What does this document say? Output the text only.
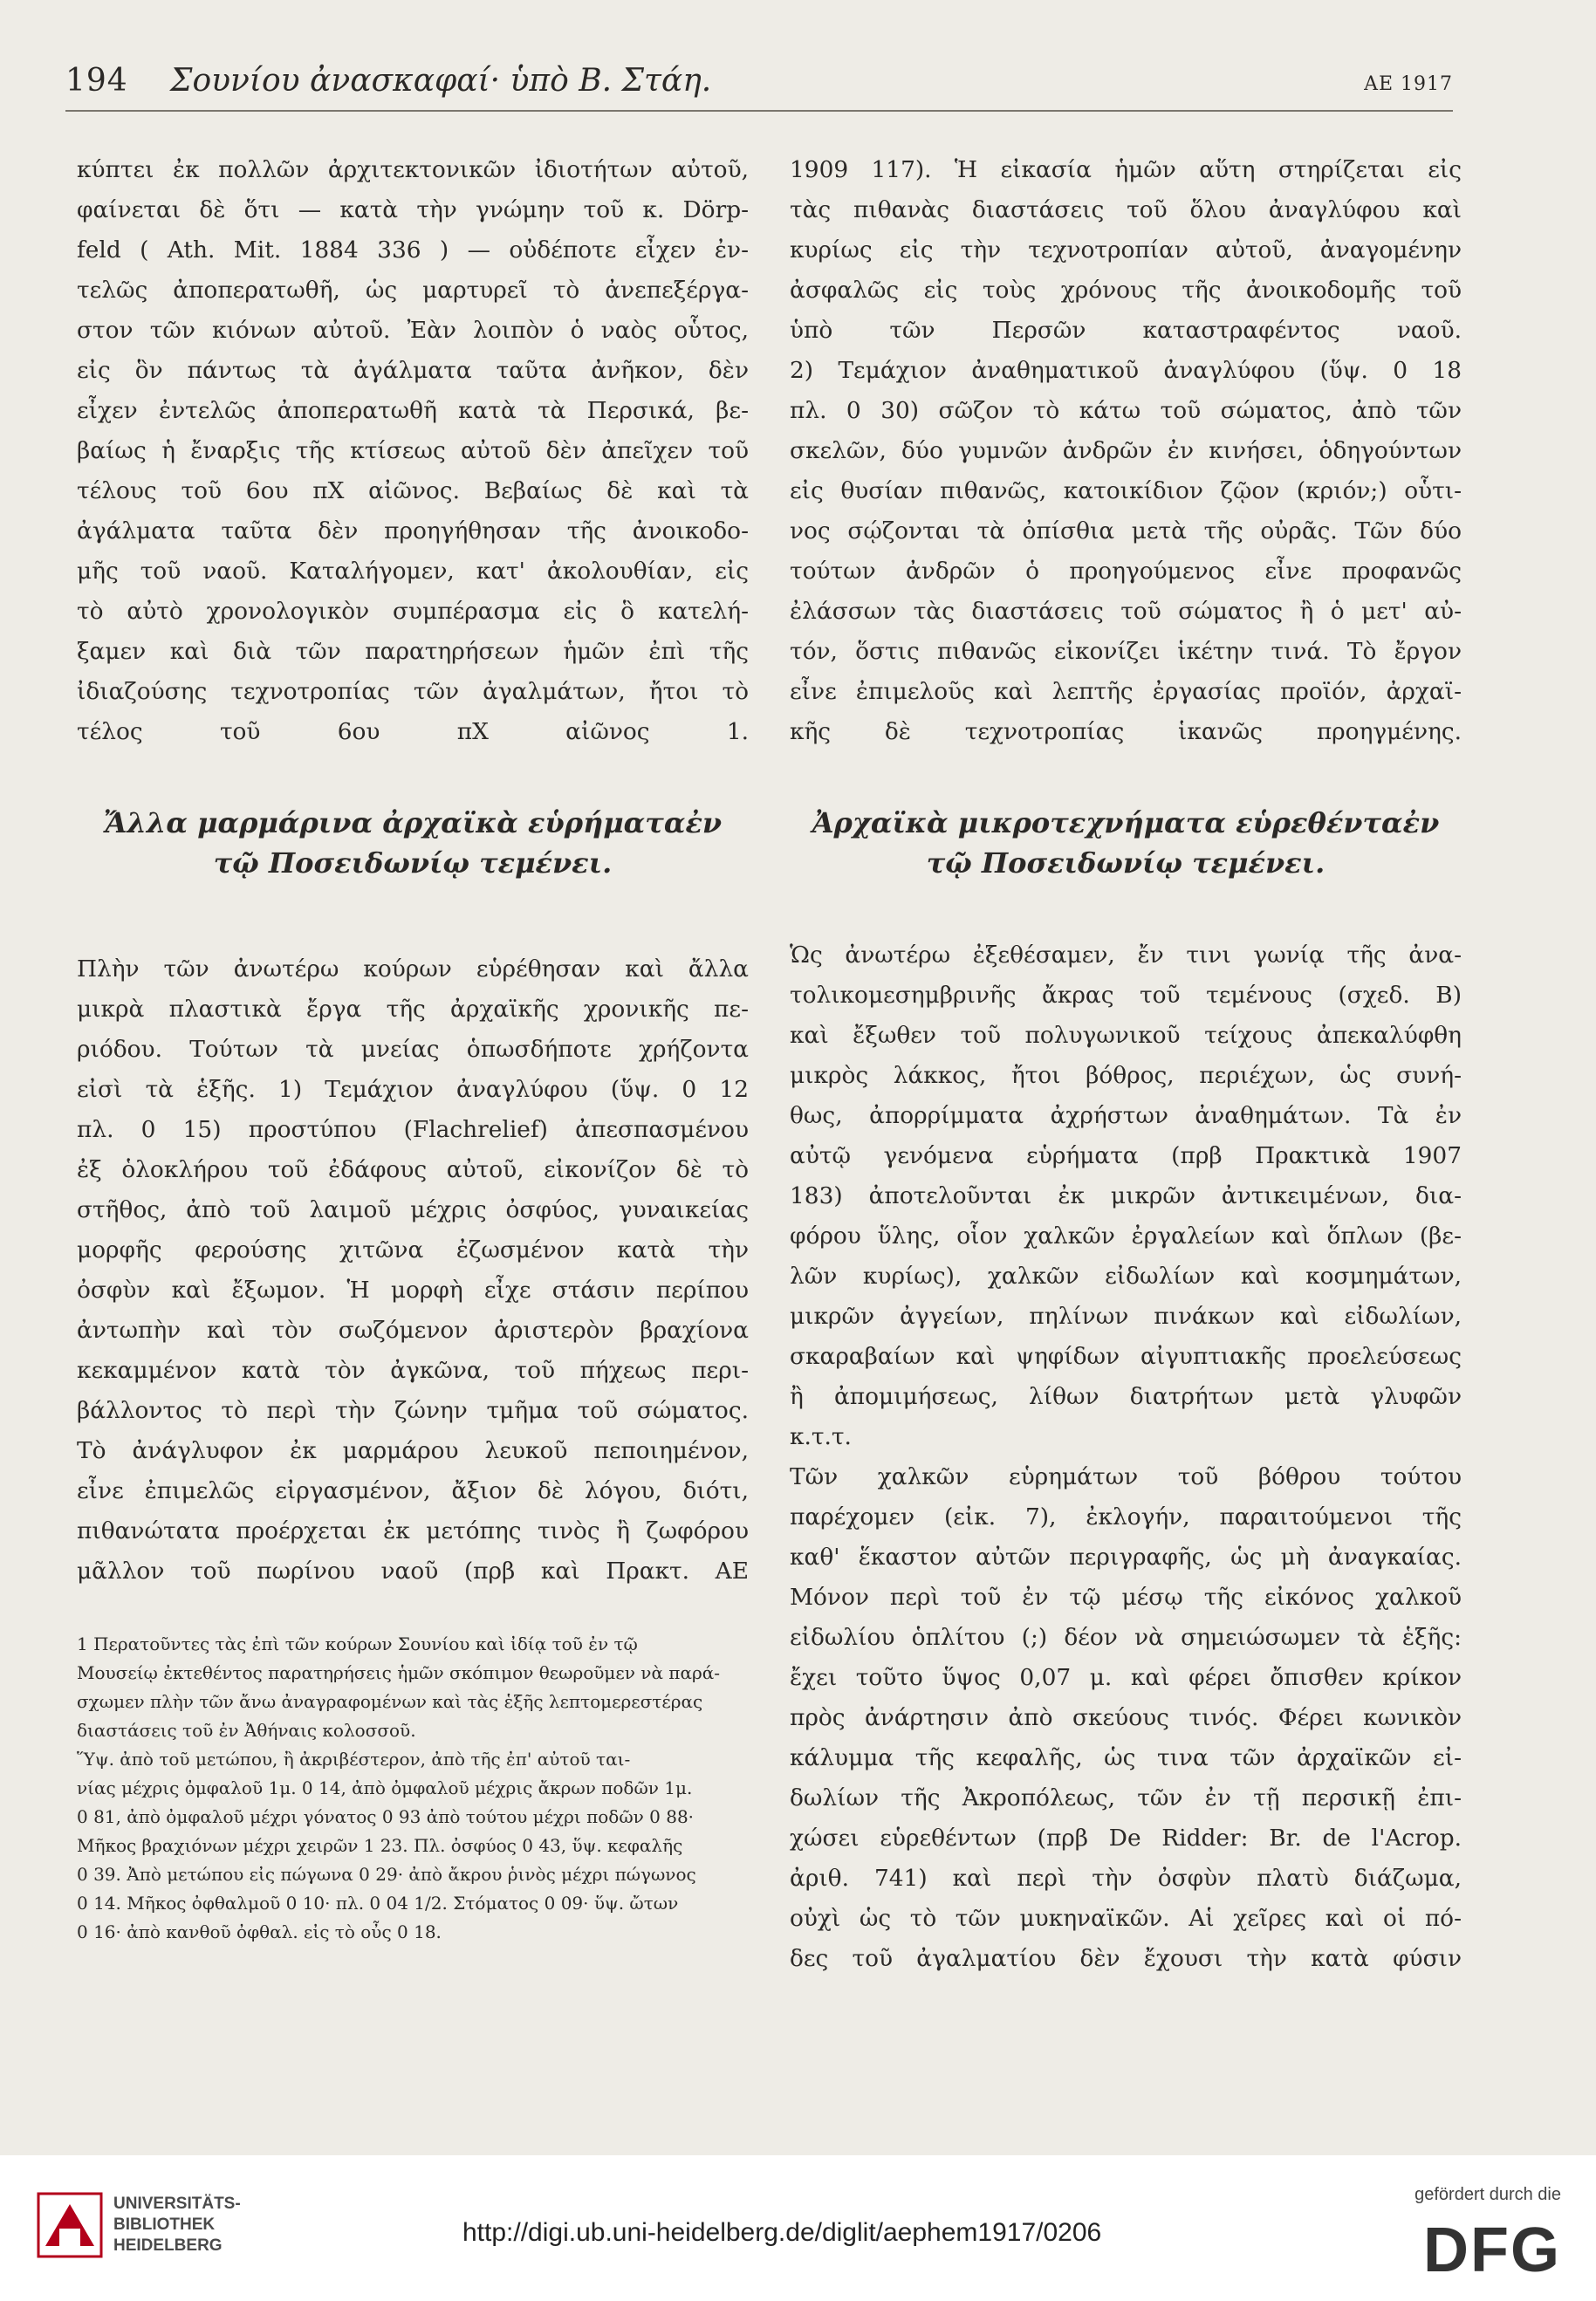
194 Σουνίου ἀνασκαφαί· ὑπὸ Β. Στάη.	ΑΕ 1917

κύπτει ἐκ πολλῶν ἀρχιτεκτονικῶν ἰδιοτήτων αὐτοῦ,
φαίνεται δὲ ὅτι — κατὰ τὴν γνώμην τοῦ κ. Dörp-
feld ( Ath. Mit. 1884 336 ) — οὐδέποτε εἶχεν ἐν-
τελῶς ἀποπερατωθῆ, ὡς μαρτυρεῖ τὸ ἀνεπεξέργα-
στον τῶν κιόνων αὐτοῦ. Ἐὰν λοιπὸν ὁ ναὸς οὗτος,
εἰς ὃν πάντως τὰ ἀγάλματα ταῦτα ἀνῆκον, δὲν
εἶχεν ἐντελῶς ἀποπερατωθῆ κατὰ τὰ Περσικά, βε-
βαίως ἡ ἔναρξις τῆς κτίσεως αὐτοῦ δὲν ἀπεῖχεν τοῦ
τέλους τοῦ 6ου πΧ αἰῶνος. Βεβαίως δὲ καὶ τὰ
ἀγάλματα ταῦτα δὲν προηγήθησαν τῆς ἀνοικοδο-
μῆς τοῦ ναοῦ. Καταλήγομεν, κατ' ἀκολουθίαν, εἰς
τὸ αὐτὸ χρονολογικὸν συμπέρασμα εἰς ὃ κατελή-
ξαμεν καὶ διὰ τῶν παρατηρήσεων ἡμῶν ἐπὶ τῆς
ἰδιαζούσης τεχνοτροπίας τῶν ἀγαλμάτων, ἤτοι τὸ
τέλος τοῦ 6ου πΧ αἰῶνος 1.

Ἄλλα μαρμάρινα ἀρχαϊκὰ εὑρήματαἐν τῷ Ποσειδωνίῳ τεμένει.

Πλὴν τῶν ἀνωτέρω κούρων εὑρέθησαν καὶ ἄλλα
μικρὰ πλαστικὰ ἔργα τῆς ἀρχαϊκῆς χρονικῆς πε-
ριόδου. Τούτων τὰ μνείας ὁπωσδήποτε χρήζοντα
εἰσὶ τὰ ἑξῆς. 1) Τεμάχιον ἀναγλύφου (ὕψ. 0 12
πλ. 0 15) προστύπου (Flachrelief) ἀπεσπασμένου
ἐξ ὁλοκλήρου τοῦ ἐδάφους αὐτοῦ, εἰκονίζον δὲ τὸ
στῆθος, ἀπὸ τοῦ λαιμοῦ μέχρις ὀσφύος, γυναικείας
μορφῆς φερούσης χιτῶνα ἐζωσμένον κατὰ τὴν
ὀσφὺν καὶ ἔξωμον. Ἡ μορφὴ εἶχε στάσιν περίπου
ἀντωπὴν καὶ τὸν σωζόμενον ἀριστερὸν βραχίονα
κεκαμμένον κατὰ τὸν ἀγκῶνα, τοῦ πήχεως περι-
βάλλοντος τὸ περὶ τὴν ζώνην τμῆμα τοῦ σώματος.
Τὸ ἀνάγλυφον ἐκ μαρμάρου λευκοῦ πεποιημένον,
εἶνε ἐπιμελῶς εἰργασμένον, ἄξιον δὲ λόγου, διότι,
πιθανώτατα προέρχεται ἐκ μετόπης τινὸς ἢ ζωφόρου
μᾶλλον τοῦ πωρίνου ναοῦ (πρβ καὶ Πρακτ. ΑΕ

1 Περατοῦντες τὰς ἐπὶ τῶν κούρων Σουνίου καὶ ἰδίᾳ τοῦ ἐν τῷ
Μουσείῳ ἐκτεθέντος παρατηρήσεις ἡμῶν σκόπιμον θεωροῦμεν νὰ παρά-
σχωμεν πλὴν τῶν ἄνω ἀναγραφομένων καὶ τὰς ἑξῆς λεπτομερεστέρας
διαστάσεις τοῦ ἐν Ἀθήναις κολοσσοῦ.
Ὕψ. ἀπὸ τοῦ μετώπου, ἢ ἀκριβέστερον, ἀπὸ τῆς ἐπ' αὐτοῦ ται-
νίας μέχρις ὀμφαλοῦ 1μ. 0 14, ἀπὸ ὀμφαλοῦ μέχρις ἄκρων ποδῶν 1μ.
0 81, ἀπὸ ὀμφαλοῦ μέχρι γόνατος 0 93 ἀπὸ τούτου μέχρι ποδῶν 0 88·
Μῆκος βραχιόνων μέχρι χειρῶν 1 23. Πλ. ὀσφύος 0 43, ὕψ. κεφαλῆς
0 39. Ἀπὸ μετώπου εἰς πώγωνα 0 29· ἀπὸ ἄκρου ῥινὸς μέχρι πώγωνος
0 14. Μῆκος ὀφθαλμοῦ 0 10· πλ. 0 04 1/2. Στόματος 0 09· ὕψ. ὤτων
0 16· ἀπὸ κανθοῦ ὀφθαλ. εἰς τὸ οὖς 0 18.

1909 117). Ἡ εἰκασία ἡμῶν αὕτη στηρίζεται εἰς
τὰς πιθανὰς διαστάσεις τοῦ ὅλου ἀναγλύφου καὶ
κυρίως εἰς τὴν τεχνοτροπίαν αὐτοῦ, ἀναγομένην
ἀσφαλῶς εἰς τοὺς χρόνους τῆς ἀνοικοδομῆς τοῦ
ὑπὸ τῶν Περσῶν καταστραφέντος ναοῦ.

2) Τεμάχιον ἀναθηματικοῦ ἀναγλύφου (ὕψ. 0 18
πλ. 0 30) σῶζον τὸ κάτω τοῦ σώματος, ἀπὸ τῶν
σκελῶν, δύο γυμνῶν ἀνδρῶν ἐν κινήσει, ὁδηγούντων
εἰς θυσίαν πιθανῶς, κατοικίδιον ζῷον (κριόν;) οὗτι-
νος σῴζονται τὰ ὀπίσθια μετὰ τῆς οὐρᾶς. Τῶν δύο
τούτων ἀνδρῶν ὁ προηγούμενος εἶνε προφανῶς
ἐλάσσων τὰς διαστάσεις τοῦ σώματος ἢ ὁ μετ' αὐ-
τόν, ὅστις πιθανῶς εἰκονίζει ἱκέτην τινά. Τὸ ἔργον
εἶνε ἐπιμελοῦς καὶ λεπτῆς ἐργασίας προϊόν, ἀρχαϊ-
κῆς δὲ τεχνοτροπίας ἱκανῶς προηγμένης.

Ἀρχαϊκὰ μικροτεχνήματα εὑρεθένταἐν τῷ Ποσειδωνίῳ τεμένει.

Ὡς ἀνωτέρω ἐξεθέσαμεν, ἔν τινι γωνίᾳ τῆς ἀνα-
τολικομεσημβρινῆς ἄκρας τοῦ τεμένους (σχεδ. Β)
καὶ ἔξωθεν τοῦ πολυγωνικοῦ τείχους ἀπεκαλύφθη
μικρὸς λάκκος, ἤτοι βόθρος, περιέχων, ὡς συνή-
θως, ἀπορρίμματα ἀχρήστων ἀναθημάτων. Τὰ ἐν
αὐτῷ γενόμενα εὑρήματα (πρβ Πρακτικὰ 1907
183) ἀποτελοῦνται ἐκ μικρῶν ἀντικειμένων, δια-
φόρου ὕλης, οἷον χαλκῶν ἐργαλείων καὶ ὅπλων (βε-
λῶν κυρίως), χαλκῶν εἰδωλίων καὶ κοσμημάτων,
μικρῶν ἀγγείων, πηλίνων πινάκων καὶ εἰδωλίων,
σκαραβαίων καὶ ψηφίδων αἰγυπτιακῆς προελεύσεως
ἢ ἀπομιμήσεως, λίθων διατρήτων μετὰ γλυφῶν
κ.τ.τ.

Τῶν χαλκῶν εὑρημάτων τοῦ βόθρου τούτου
παρέχομεν (εἰκ. 7), ἐκλογήν, παραιτούμενοι τῆς
καθ' ἕκαστον αὐτῶν περιγραφῆς, ὡς μὴ ἀναγκαίας.
Μόνον περὶ τοῦ ἐν τῷ μέσῳ τῆς εἰκόνος χαλκοῦ
εἰδωλίου ὁπλίτου (;) δέον νὰ σημειώσωμεν τὰ ἑξῆς:
ἔχει τοῦτο ὕψος 0,07 μ. καὶ φέρει ὄπισθεν κρίκον
πρὸς ἀνάρτησιν ἀπὸ σκεύους τινός. Φέρει κωνικὸν
κάλυμμα τῆς κεφαλῆς, ὡς τινα τῶν ἀρχαϊκῶν εἰ-
δωλίων τῆς Ἀκροπόλεως, τῶν ἐν τῇ περσικῇ ἐπι-
χώσει εὑρεθέντων (πρβ De Ridder: Br. de l'Acrop.
ἀριθ. 741) καὶ περὶ τὴν ὀσφὺν πλατὺ διάζωμα,
οὐχὶ ὡς τὸ τῶν μυκηναϊκῶν. Αἱ χεῖρες καὶ οἱ πό-
δες τοῦ ἀγαλματίου δὲν ἔχουσι τὴν κατὰ φύσιν

UNIVERSITÄTS-
BIBLIOTHEK
HEIDELBERG	http://digi.ub.uni-heidelberg.de/diglit/aephem1917/0206
gefördert durch die
DFG
